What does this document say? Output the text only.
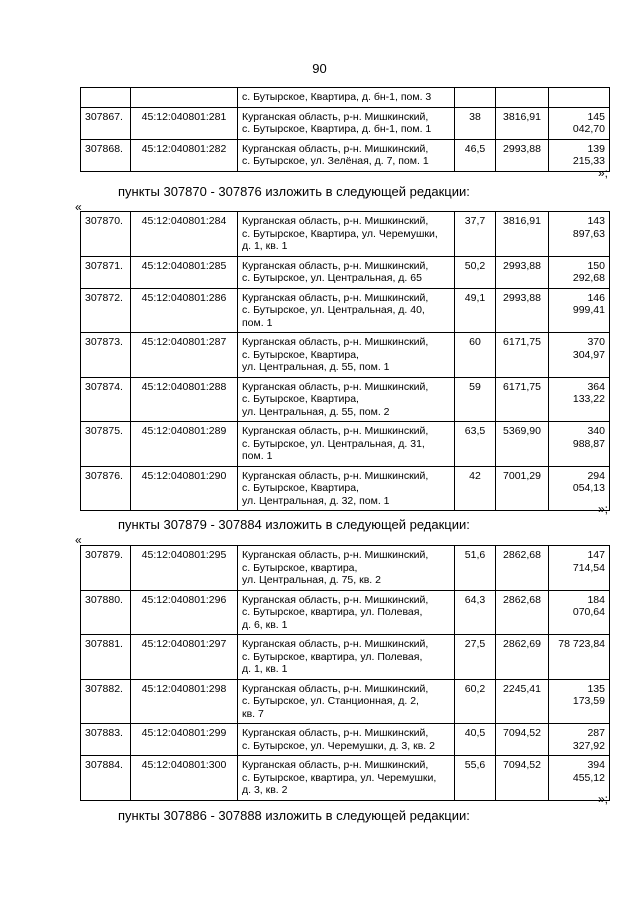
90

		с. Бутырское, Квартира, д. бн-1, пом. 3			

307867.	45:12:040801:281	Курганская область, р-н. Мишкинский,
с. Бутырское, Квартира, д. бн-1, пом. 1	38	3816,91	145 042,70
307868.	45:12:040801:282	Курганская область, р-н. Мишкинский,
с. Бутырское, ул. Зелёная, д. 7, пом. 1	46,5	2993,88	139 215,33
»;
пункты 307870 - 307876 изложить в следующей редакции:
«
307870.	45:12:040801:284	Курганская область, р-н. Мишкинский,
с. Бутырское, Квартира, ул. Черемушки,
д. 1, кв. 1	37,7	3816,91	143 897,63
307871.	45:12:040801:285	Курганская область, р-н. Мишкинский,
с. Бутырское, ул. Центральная, д. 65	50,2	2993,88	150 292,68
307872.	45:12:040801:286	Курганская область, р-н. Мишкинский,
с. Бутырское, ул. Центральная, д. 40,
пом. 1	49,1	2993,88	146 999,41
307873.	45:12:040801:287	Курганская область, р-н. Мишкинский,
с. Бутырское, Квартира,
ул. Центральная, д. 55, пом. 1	60	6171,75	370 304,97
307874.	45:12:040801:288	Курганская область, р-н. Мишкинский,
с. Бутырское, Квартира,
ул. Центральная, д. 55, пом. 2	59	6171,75	364 133,22
307875.	45:12:040801:289	Курганская область, р-н. Мишкинский,
с. Бутырское, ул. Центральная, д. 31,
пом. 1	63,5	5369,90	340 988,87
307876.	45:12:040801:290	Курганская область, р-н. Мишкинский,
с. Бутырское, Квартира,
ул. Центральная, д. 32, пом. 1	42	7001,29	294 054,13
»;
пункты 307879 - 307884 изложить в следующей редакции:
«
307879.	45:12:040801:295	Курганская область, р-н. Мишкинский,
с. Бутырское, квартира,
ул. Центральная, д. 75, кв. 2	51,6	2862,68	147 714,54
307880.	45:12:040801:296	Курганская область, р-н. Мишкинский,
с. Бутырское, квартира, ул. Полевая,
д. 6, кв. 1	64,3	2862,68	184 070,64
307881.	45:12:040801:297	Курганская область, р-н. Мишкинский,
с. Бутырское, квартира, ул. Полевая,
д. 1, кв. 1	27,5	2862,69	78 723,84
307882.	45:12:040801:298	Курганская область, р-н. Мишкинский,
с. Бутырское, ул. Станционная, д. 2,
кв. 7	60,2	2245,41	135 173,59
307883.	45:12:040801:299	Курганская область, р-н. Мишкинский,
с. Бутырское, ул. Черемушки, д. 3, кв. 2	40,5	7094,52	287 327,92
307884.	45:12:040801:300	Курганская область, р-н. Мишкинский,
с. Бутырское, квартира, ул. Черемушки,
д. 3, кв. 2	55,6	7094,52	394 455,12
»;
пункты 307886 - 307888 изложить в следующей редакции:
